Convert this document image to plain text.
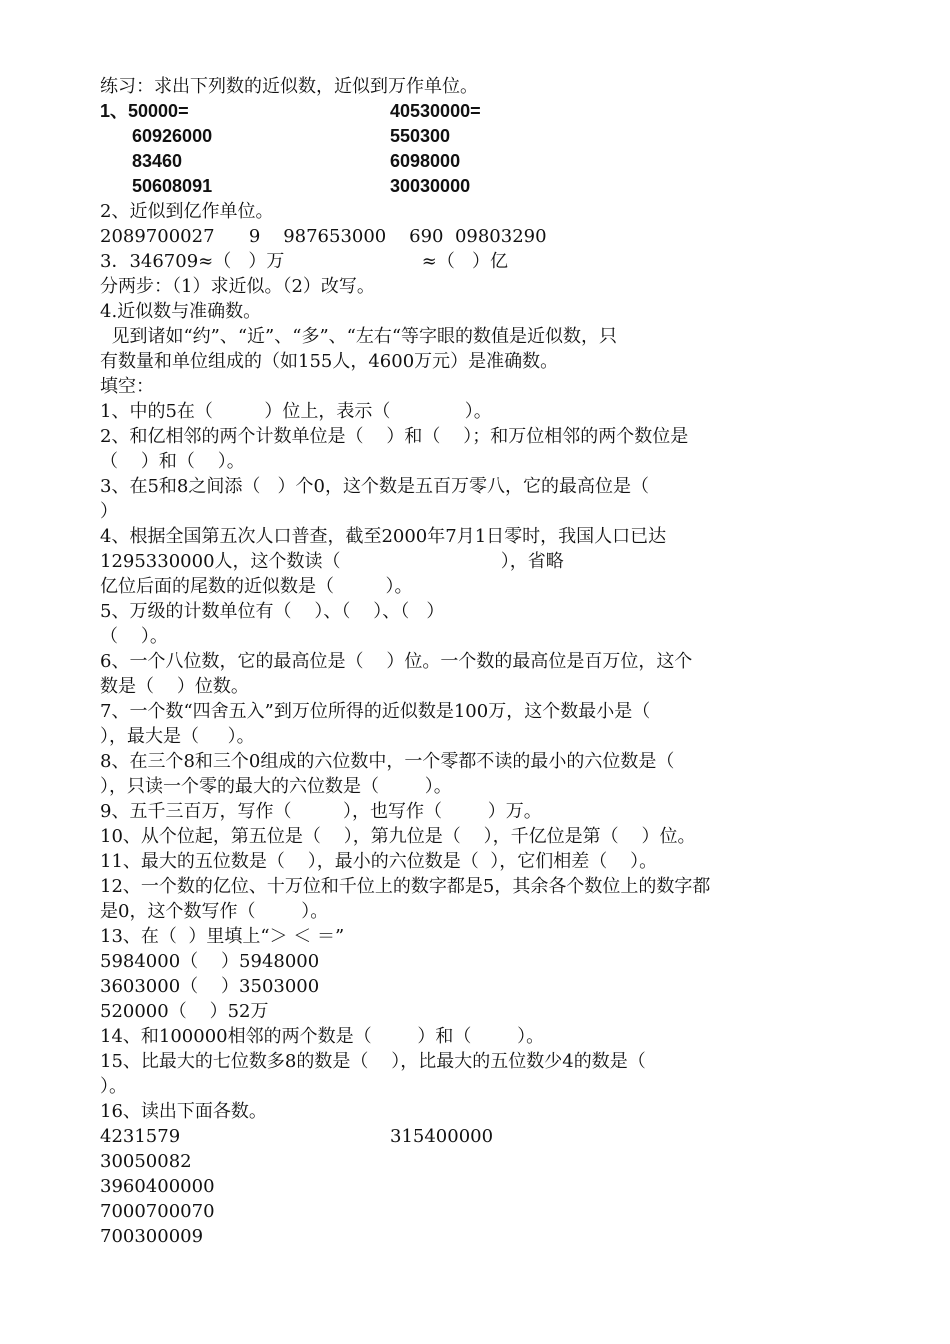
练习：求出下列数的近似数，近似到万作单位。
1、50000=	40530000=
60926000	550300
83460	6098000
50608091	30030000
2、近似到亿作单位。
2089700027      9    987653000    690  09803290
3．346709≈（   ）万                        ≈（   ）亿
分两步：（1）求近似。（2）改写。
4.近似数与准确数。
见到诸如“约”、“近”、“多”、“左右“等字眼的数值是近似数，只
有数量和单位组成的（如155人，4600万元）是准确数。
填空：
1、中的5在（         ）位上，表示（             ）。
2、和亿相邻的两个计数单位是（    ）和（    ）；和万位相邻的两个数位是
（    ）和（    ）。
3、在5和8之间添（   ）个0，这个数是五百万零八，它的最高位是（
）
4、根据全国第五次人口普查，截至2000年7月1日零时，我国人口已达
1295330000人，这个数读（                            ），省略
亿位后面的尾数的近似数是（         ）。
5、万级的计数单位有（    ）、（    ）、（   ）
（    ）。
6、一个八位数，它的最高位是（    ）位。一个数的最高位是百万位，这个
数是（    ）位数。
7、一个数“四舍五入”到万位所得的近似数是100万，这个数最小是（
），最大是（     ）。
8、在三个8和三个0组成的六位数中，一个零都不读的最小的六位数是（
），只读一个零的最大的六位数是（        ）。
9、五千三百万，写作（         ），也写作（        ）万。
10、从个位起，第五位是（    ），第九位是（    ），千亿位是第（    ）位。
11、最大的五位数是（    ），最小的六位数是（  ），它们相差（    ）。
12、一个数的亿位、十万位和千位上的数字都是5，其余各个数位上的数字都
是0，这个数写作（        ）。
13、在（  ）里填上“＞ ＜ ＝”
5984000（    ）5948000
3603000（    ）3503000
520000（    ）52万
14、和100000相邻的两个数是（        ）和（        ）。
15、比最大的七位数多8的数是（    ），比最大的五位数少4的数是（
）。
16、读出下面各数。
4231579	315400000
30050082
3960400000
7000700070
700300009
